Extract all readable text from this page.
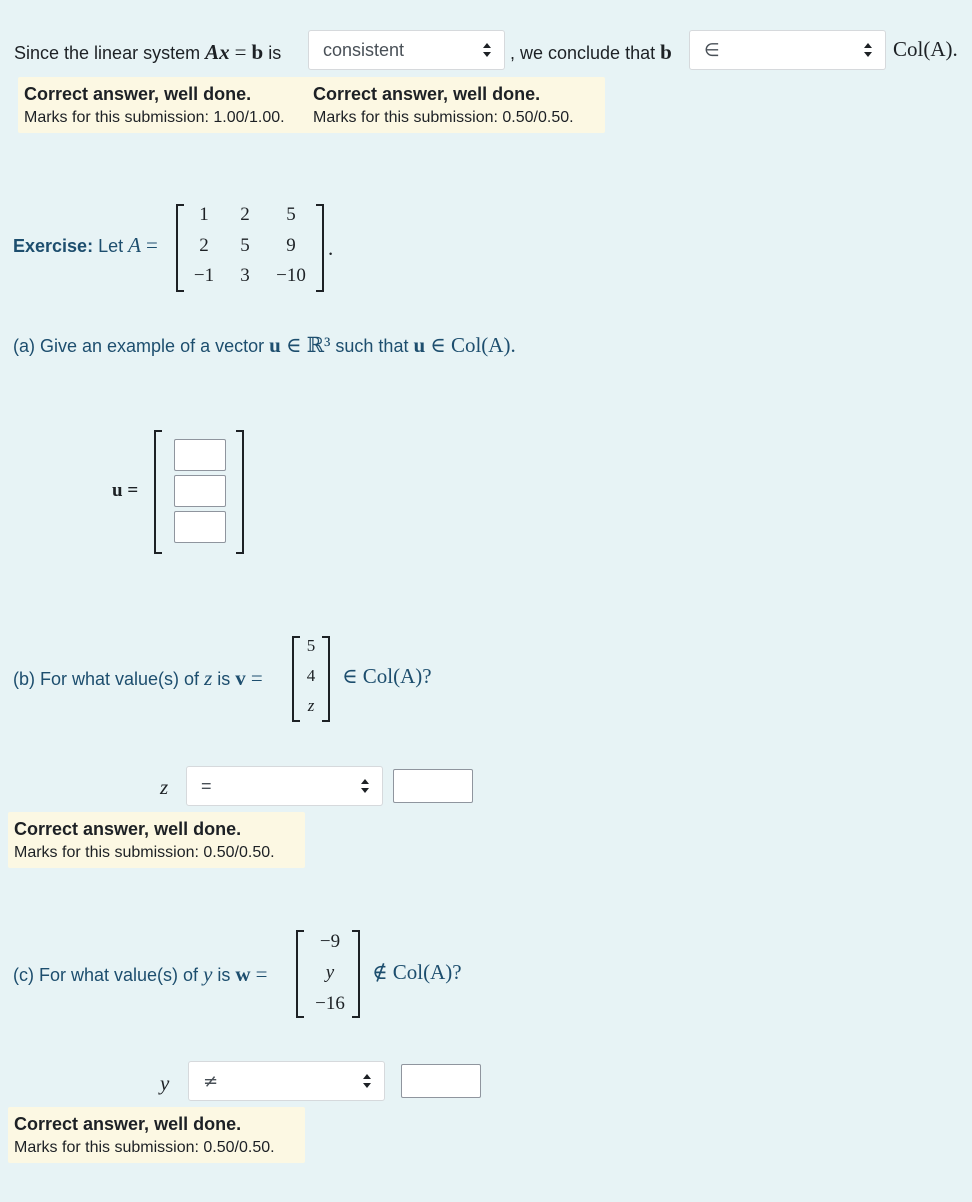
Since the linear system Ax = b is consistent	, we conclude that b ∈	Col(A).
Correct answer, well done.
Marks for this submission: 1.00/1.00.
Correct answer, well done.
Marks for this submission: 0.50/0.50.
Exercise: Let A =
1	2	5
2	5	9
−1	3	−10
.
(a) Give an example of a vector u ∈ ℝ³ such that u ∈ Col(A).
u =
(b) For what value(s) of z is v =
5
4
z
∈ Col(A)?
z =
Correct answer, well done.
Marks for this submission: 0.50/0.50.
(c) For what value(s) of y is w =
−9
y
−16
∉ Col(A)?
y ≠
Correct answer, well done.
Marks for this submission: 0.50/0.50.
